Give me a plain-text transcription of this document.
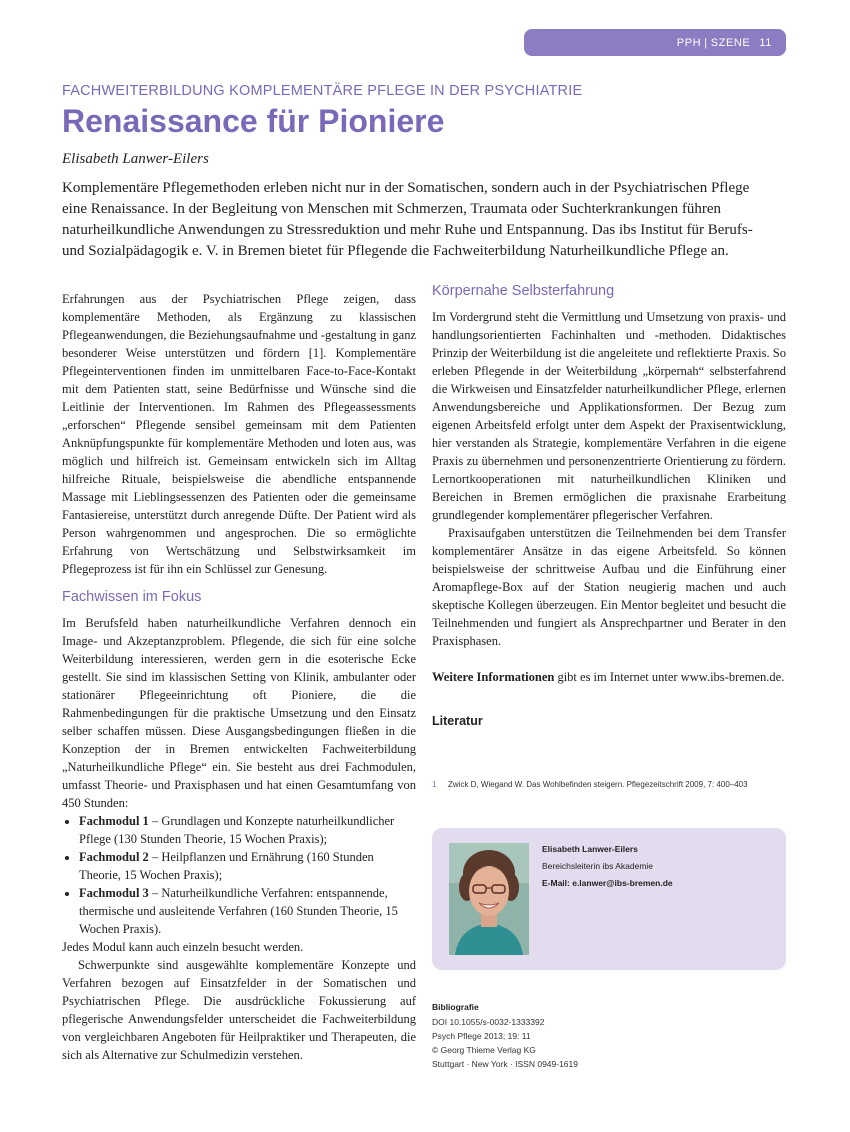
PPH | SZENE 11
FACHWEITERBILDUNG KOMPLEMENTÄRE PFLEGE IN DER PSYCHIATRIE
Renaissance für Pioniere
Elisabeth Lanwer-Eilers

Komplementäre Pflegemethoden erleben nicht nur in der Somatischen, sondern auch in der Psychiatrischen Pflege eine Renaissance. In der Begleitung von Menschen mit Schmerzen, Traumata oder Suchterkrankungen führen naturheilkundliche Anwendungen zu Stressreduktion und mehr Ruhe und Entspannung. Das ibs Institut für Berufs- und Sozialpädagogik e. V. in Bremen bietet für Pflegende die Fachweiterbildung Naturheilkundliche Pflege an.

Erfahrungen aus der Psychiatrischen Pflege zeigen, dass komplementäre Methoden, als Ergänzung zu klassischen Pflegeanwendungen, die Beziehungsaufnahme und -gestaltung in ganz besonderer Weise unterstützen und fördern [1]. Komplementäre Pflegeinterventionen finden im unmittelbaren Face-to-Face-Kontakt mit dem Patienten statt, seine Bedürfnisse und Wünsche sind die Leitlinie der Interventionen. Im Rahmen des Pflegeassessments „erforschen“ Pflegende sensibel gemeinsam mit dem Patienten Anknüpfungspunkte für komplementäre Methoden und loten aus, was möglich und hilfreich ist. Gemeinsam entwickeln sich im Alltag hilfreiche Rituale, beispielsweise die abendliche entspannende Massage mit Lieblingsessenzen des Patienten oder die gemeinsame Fantasiereise, unterstützt durch anregende Düfte. Der Patient wird als Person wahrgenommen und angesprochen. Die so ermöglichte Erfahrung von Wertschätzung und Selbstwirksamkeit im Pflegeprozess ist für ihn ein Schlüssel zur Genesung.

Fachwissen im Fokus

Im Berufsfeld haben naturheilkundliche Verfahren dennoch ein Image- und Akzeptanzproblem. Pflegende, die sich für eine solche Weiterbildung interessieren, werden gern in die esoterische Ecke gestellt. Sie sind im klassischen Setting von Klinik, ambulanter oder stationärer Pflegeeinrichtung oft Pioniere, die die Rahmenbedingungen für die praktische Umsetzung und den Einsatz selber schaffen müssen. Diese Ausgangsbedingungen fließen in die Konzeption der in Bremen entwickelten Fachweiterbildung „Naturheilkundliche Pflege“ ein. Sie besteht aus drei Fachmodulen, umfasst Theorie- und Praxisphasen und hat einen Gesamtumfang von 450 Stunden:

• Fachmodul 1 – Grundlagen und Konzepte naturheilkundlicher Pflege (130 Stunden Theorie, 15 Wochen Praxis);
• Fachmodul 2 – Heilpflanzen und Ernährung (160 Stunden Theorie, 15 Wochen Praxis);
• Fachmodul 3 – Naturheilkundliche Verfahren: entspannende, thermische und ausleitende Verfahren (160 Stunden Theorie, 15 Wochen Praxis).

Jedes Modul kann auch einzeln besucht werden.

Schwerpunkte sind ausgewählte komplementäre Konzepte und Verfahren bezogen auf Einsatzfelder in der Somatischen und Psychiatrischen Pflege. Die ausdrückliche Fokussierung auf pflegerische Anwendungsfelder unterscheidet die Fachweiterbildung von vergleichbaren Angeboten für Heilpraktiker und Therapeuten, die sich als Alternative zur Schulmedizin verstehen.

Körpernahe Selbsterfahrung

Im Vordergrund steht die Vermittlung und Umsetzung von praxis- und handlungsorientierten Fachinhalten und -methoden. Didaktisches Prinzip der Weiterbildung ist die angeleitete und reflektierte Praxis. So erleben Pflegende in der Weiterbildung „körpernah“ selbsterfahrend die Wirkweisen und Einsatzfelder naturheilkundlicher Pflege, erlernen Anwendungsbereiche und Applikationsformen. Der Bezug zum eigenen Arbeitsfeld erfolgt unter dem Aspekt der Praxisentwicklung, hier verstanden als Strategie, komplementäre Verfahren in die eigene Praxis zu übernehmen und personenzentrierte Orientierung zu fördern. Lernortkooperationen mit naturheilkundlichen Kliniken und Bereichen in Bremen ermöglichen die praxisnahe Erarbeitung grundlegender komplementärer pflegerischer Verfahren.

Praxisaufgaben unterstützen die Teilnehmenden bei dem Transfer komplementärer Ansätze in das eigene Arbeitsfeld. So können beispielsweise der schrittweise Aufbau und die Einführung einer Aromapflege-Box auf der Station neugierig machen und auch skeptische Kollegen überzeugen. Ein Mentor begleitet und besucht die Teilnehmenden und fungiert als Ansprechpartner und Berater in den Praxisphasen.

Weitere Informationen gibt es im Internet unter www.ibs-bremen.de.

Literatur

1 Zwick D, Wiegand W. Das Wohlbefinden steigern. Pflegezeitschrift 2009, 7: 400–403
Elisabeth Lanwer-Eilers
Bereichsleiterin ibs Akademie
E-Mail: e.lanwer@ibs-bremen.de
Bibliografie
DOI 10.1055/s-0032-1333392
Psych Pflege 2013; 19: 11
© Georg Thieme Verlag KG
Stuttgart · New York · ISSN 0949-1619
